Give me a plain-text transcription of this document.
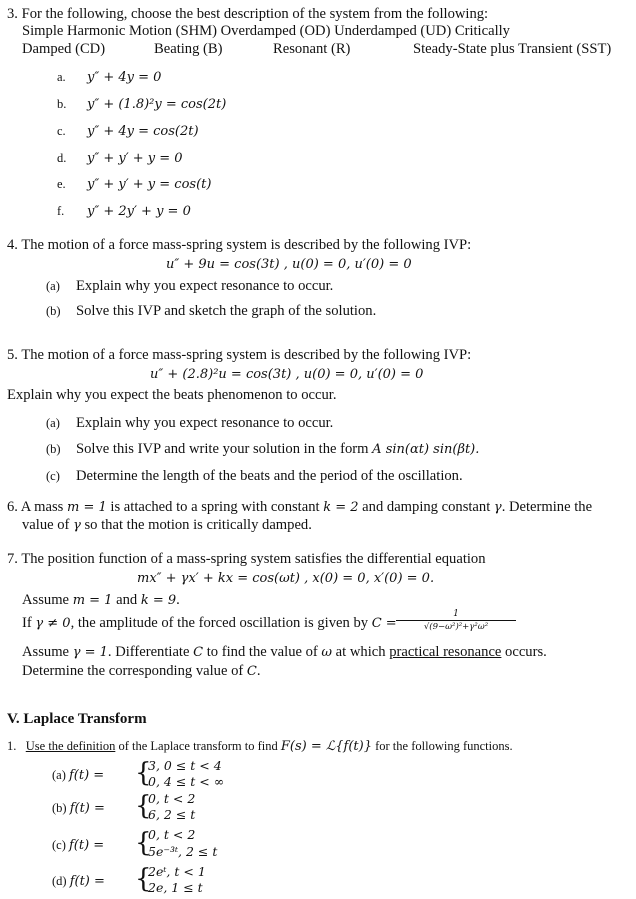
3. For the following, choose the best description of the system from the following:
Simple Harmonic Motion (SHM) Overdamped (OD) Underdamped (UD) Critically
Damped (CD)	Beating (B)	Resonant (R)	Steady-State plus Transient (SST)
a. y″ + 4y = 0
b. y″ + (1.8)²y = cos(2t)
c. y″ + 4y = cos(2t)
d. y″ + y′ + y = 0
e. y″ + y′ + y = cos(t)
f. y″ + 2y′ + y = 0
4. The motion of a force mass-spring system is described by the following IVP:
u″ + 9u = cos(3t) , u(0) = 0, u′(0) = 0
(a) Explain why you expect resonance to occur.
(b) Solve this IVP and sketch the graph of the solution.
5. The motion of a force mass-spring system is described by the following IVP:
u″ + (2.8)²u = cos(3t) , u(0) = 0, u′(0) = 0
Explain why you expect the beats phenomenon to occur.
(a) Explain why you expect resonance to occur.
(b) Solve this IVP and write your solution in the form A sin(αt) sin(βt).
(c) Determine the length of the beats and the period of the oscillation.
6. A mass m = 1 is attached to a spring with constant k = 2 and damping constant γ. Determine the
value of γ so that the motion is critically damped.
7. The position function of a mass-spring system satisfies the differential equation
mx″ + γx′ + kx = cos(ωt) , x(0) = 0, x′(0) = 0.
Assume m = 1 and k = 9.
If γ ≠ 0, the amplitude of the forced oscillation is given by $C = \frac{1}{\text{√(9−ω²)²+γ²ω²}}$
Assume γ = 1. Differentiate C to find the value of ω at which practical resonance occurs.
Determine the corresponding value of C.
V. Laplace Transform
1. Use the definition of the Laplace transform to find F(s) = ℒ{f(t)} for the following functions.
(a) f(t) = {
3, 0 ≤ t < 4
0, 4 ≤ t < ∞
(b) f(t) = {
0, t < 2
6, 2 ≤ t
(c) f(t) = {
0, t < 2
5e⁻³ᵗ, 2 ≤ t
(d) f(t) = {
2eᵗ, t < 1
2e, 1 ≤ t
